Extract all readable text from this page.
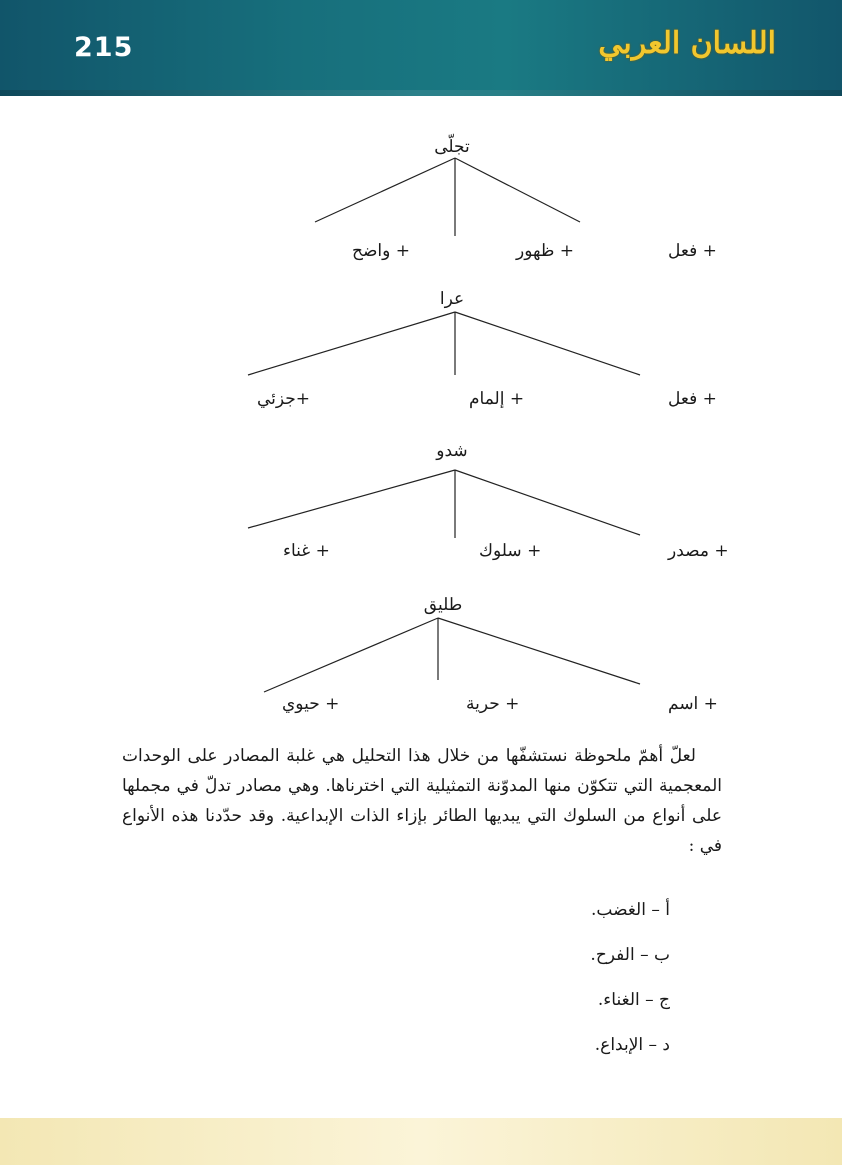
215	اللسان العربي
تجلّى
+ فعل
+ ظهور
+ واضح
عرا
+ فعل
+ إلمام
+جزئي
شدو
+ مصدر
+ سلوك
+ غناء
طليق
+ اسم
+ حرية
+ حيوي

لعلّ أهمّ ملحوظة نستشفّها من خلال هذا التحليل هي غلبة المصادر على الوحدات المعجمية التي تتكوّن منها المدوّنة التمثيلية التي اخترناها. وهي مصادر تدلّ في مجملها على أنواع من السلوك التي يبديها الطائر بإزاء الذات الإبداعية. وقد حدّدنا هذه الأنواع في :

أ – الغضب.
ب – الفرح.
ج – الغناء.
د – الإبداع.
